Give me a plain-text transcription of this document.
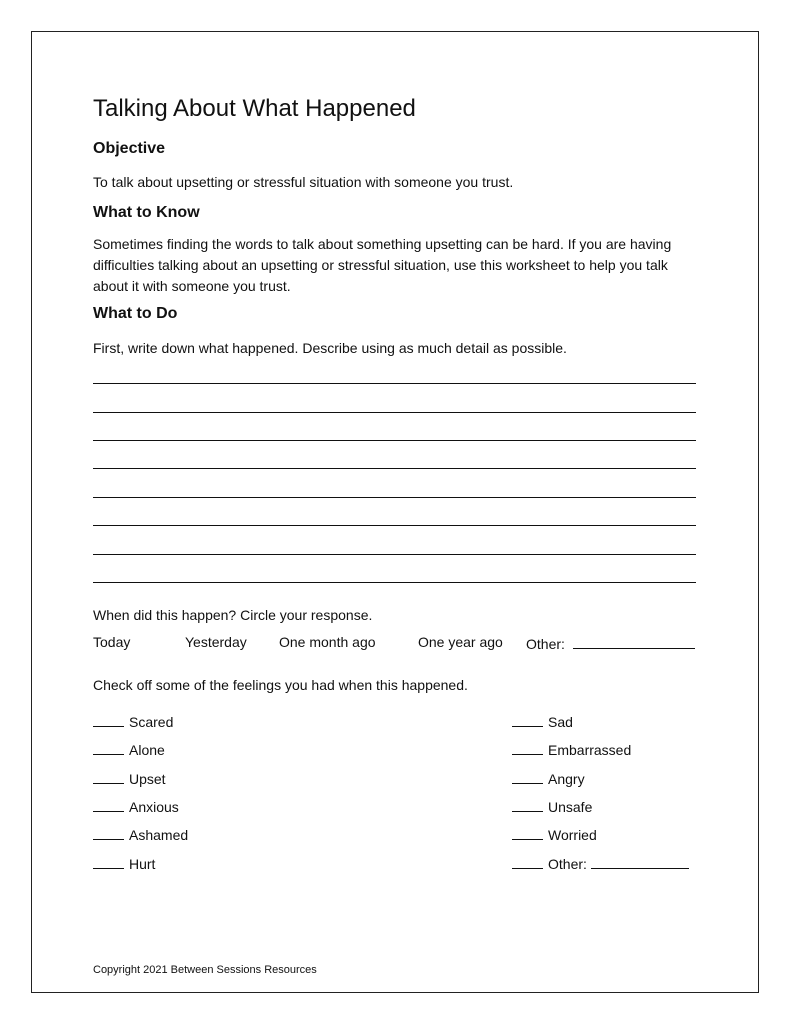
Talking About What Happened
Objective
To talk about upsetting or stressful situation with someone you trust.
What to Know
Sometimes finding the words to talk about something upsetting can be hard. If you are having
difficulties talking about an upsetting or stressful situation, use this worksheet to help you talk
about it with someone you trust.
What to Do
First, write down what happened. Describe using as much detail as possible.
When did this happen? Circle your response.
Today	Yesterday One month ago	One year ago Other:
Check off some of the feelings you had when this happened.
Scared
Alone
Upset
Anxious
Ashamed
Hurt
Sad
Embarrassed
Angry
Unsafe
Worried
Other:
Copyright 2021 Between Sessions Resources
